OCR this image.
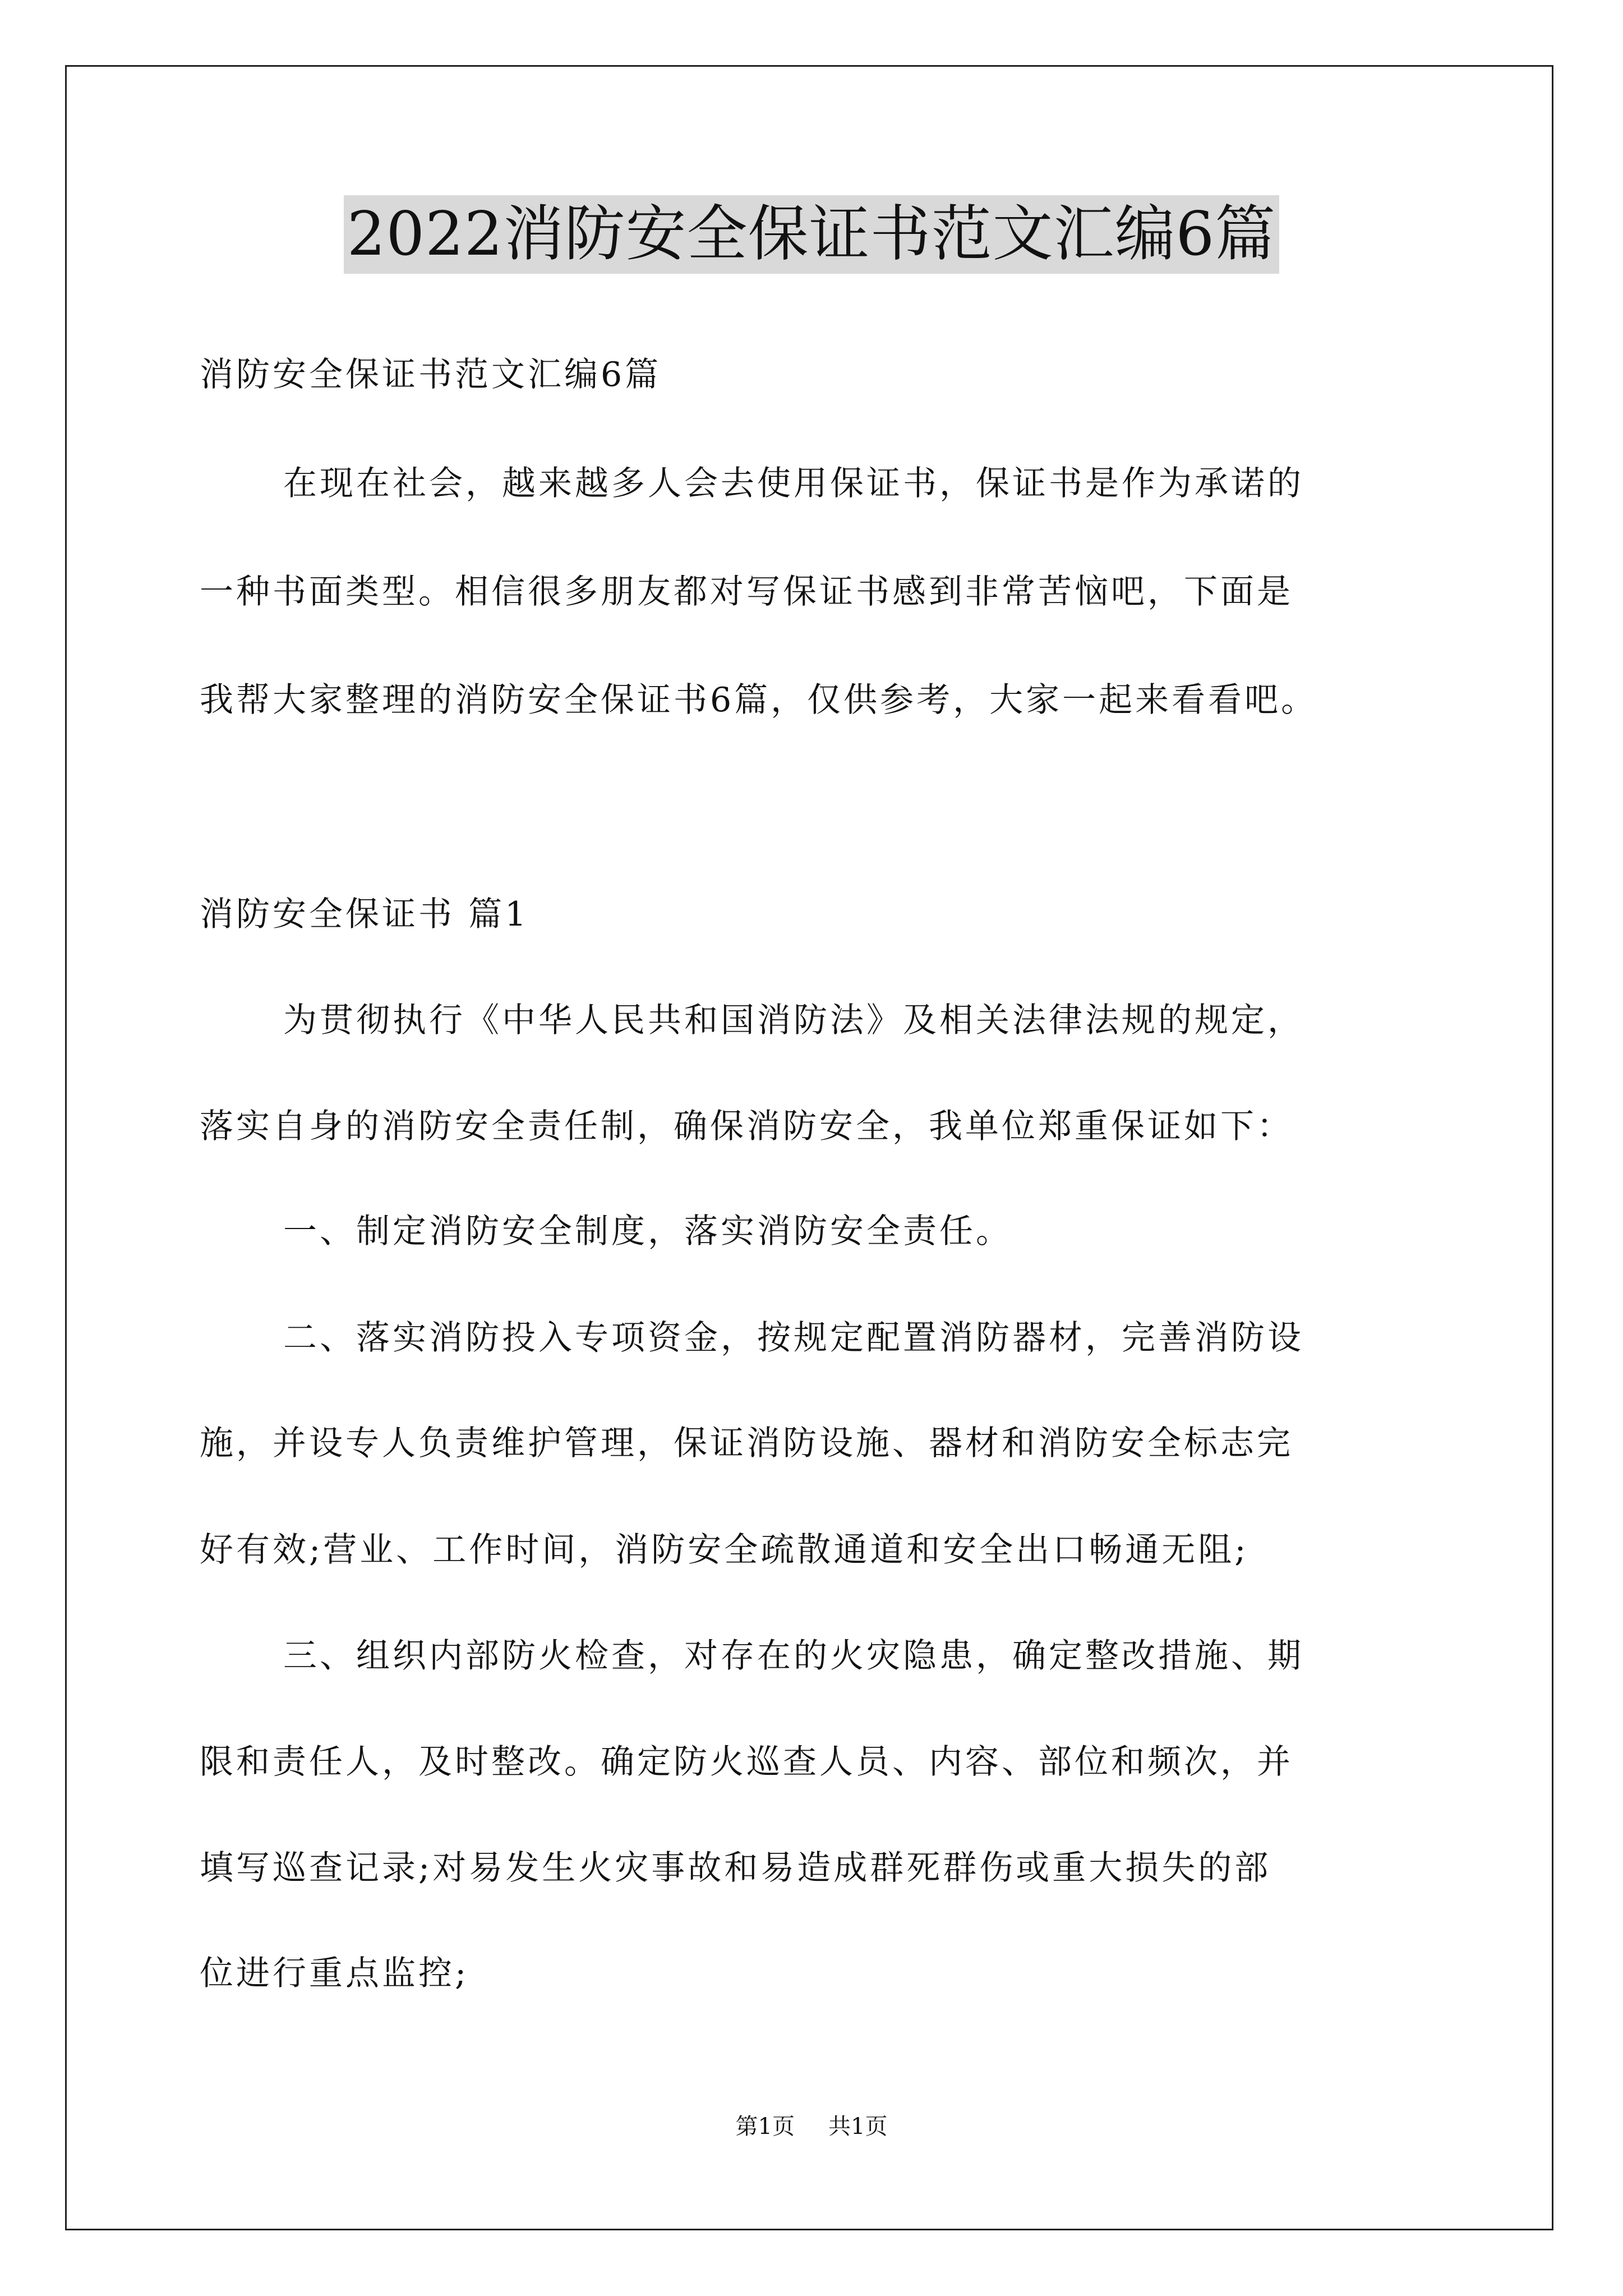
2022消防安全保证书范文汇编6篇
消防安全保证书范文汇编6篇
在现在社会，越来越多人会去使用保证书，保证书是作为承诺的
一种书面类型。相信很多朋友都对写保证书感到非常苦恼吧，下面是
我帮大家整理的消防安全保证书6篇，仅供参考，大家一起来看看吧。
消防安全保证书 篇1
为贯彻执行《中华人民共和国消防法》及相关法律法规的规定，
落实自身的消防安全责任制，确保消防安全，我单位郑重保证如下：
一、制定消防安全制度，落实消防安全责任。
二、落实消防投入专项资金，按规定配置消防器材，完善消防设
施，并设专人负责维护管理，保证消防设施、器材和消防安全标志完
好有效;营业、工作时间，消防安全疏散通道和安全出口畅通无阻;
三、组织内部防火检查，对存在的火灾隐患，确定整改措施、期
限和责任人，及时整改。确定防火巡查人员、内容、部位和频次，并
填写巡查记录;对易发生火灾事故和易造成群死群伤或重大损失的部
位进行重点监控;
第1页 共1页
